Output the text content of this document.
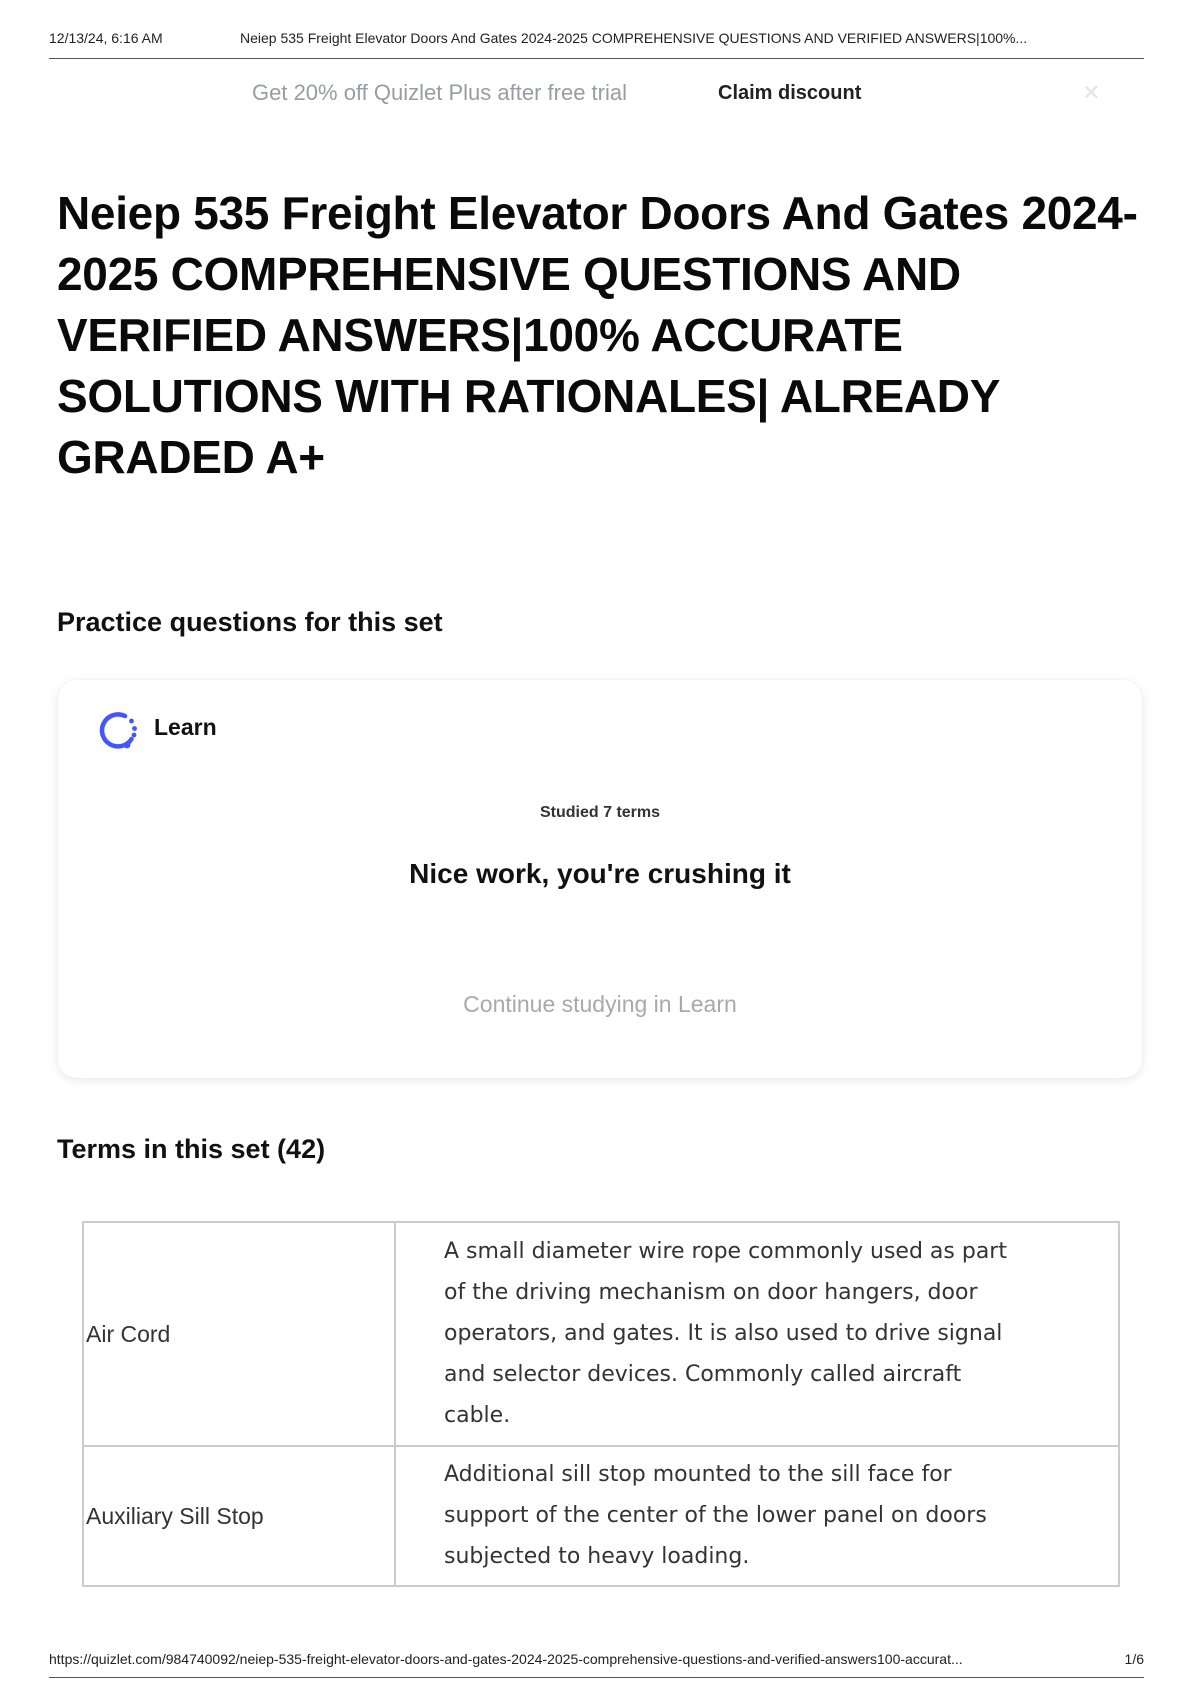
12/13/24, 6:16 AM	Neiep 535 Freight Elevator Doors And Gates 2024-2025 COMPREHENSIVE QUESTIONS AND VERIFIED ANSWERS|100%...
Get 20% off Quizlet Plus after free trial	Claim discount	✕
Neiep 535 Freight Elevator Doors And Gates 2024-2025 COMPREHENSIVE QUESTIONS AND VERIFIED ANSWERS|100% ACCURATE SOLUTIONS WITH RATIONALES| ALREADY GRADED A+
Practice questions for this set
Learn
Studied 7 terms
Nice work, you're crushing it
Continue studying in Learn
Terms in this set (42)
Air Cord	A small diameter wire rope commonly used as part of the driving mechanism on door hangers, door operators, and gates. It is also used to drive signal and selector devices. Commonly called aircraft cable.
Auxiliary Sill Stop	Additional sill stop mounted to the sill face for support of the center of the lower panel on doors subjected to heavy loading.
https://quizlet.com/984740092/neiep-535-freight-elevator-doors-and-gates-2024-2025-comprehensive-questions-and-verified-answers100-accurat...	1/6
